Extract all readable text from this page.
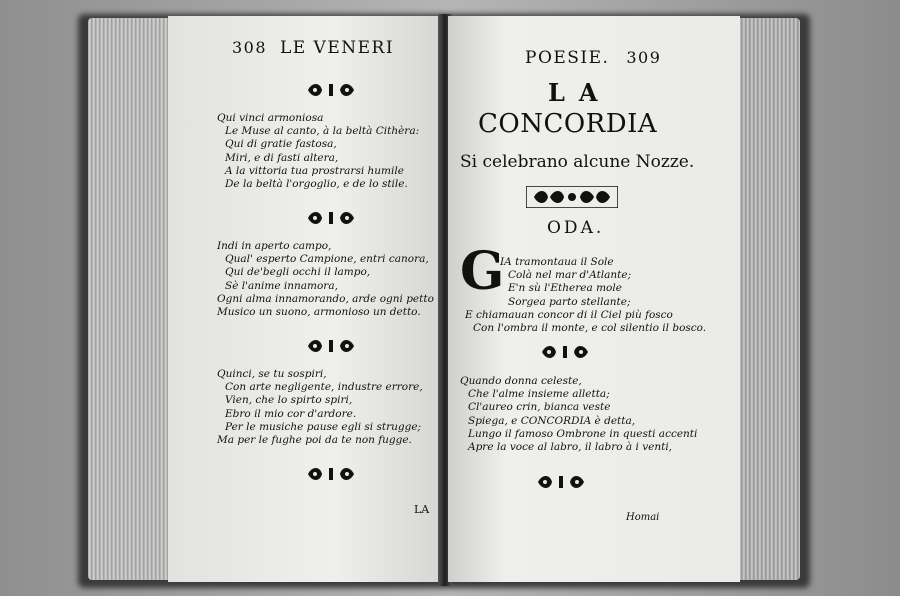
308 LE VENERI
Qui vinci armoniosa
Le Muse al canto, à la beltà Cithèra:
Qui di gratie fastosa,
Miri, e di fasti altera,
A la vittoria tua prostrarsi humile
De la beltà l'orgoglio, e de lo stile.
Indi in aperto campo,
Qual' esperto Campione, entri canora,
Qui de'begli occhi il lampo,
Sè l'anime innamora,
Ogni alma innamorando, arde ogni petto
Musico un suono, armonioso un detto.
Quinci, se tu sospiri,
Con arte negligente, industre errore,
Vien, che lo spirto spiri,
Ebro il mio cor d'ardore.
Per le musiche pause egli si strugge;
Ma per le fughe poi da te non fugge.
LA
POESIE. 309
LA
CONCORDIA
Si celebrano alcune Nozze.
ODA.
G
IA tramontaua il Sole
Colà nel mar d'Atlante;
E'n sù l'Etherea mole
Sorgea parto stellante;
E chiamauan concor di il Ciel più fosco
Con l'ombra il monte, e col silentio il bosco.
Quando donna celeste,
Che l'alme insieme alletta;
Cl'aureo crin, bianca veste
Spiega, e CONCORDIA è detta,
Lungo il famoso Ombrone in questi accenti
Apre la voce al labro, il labro à i venti,
Homai
